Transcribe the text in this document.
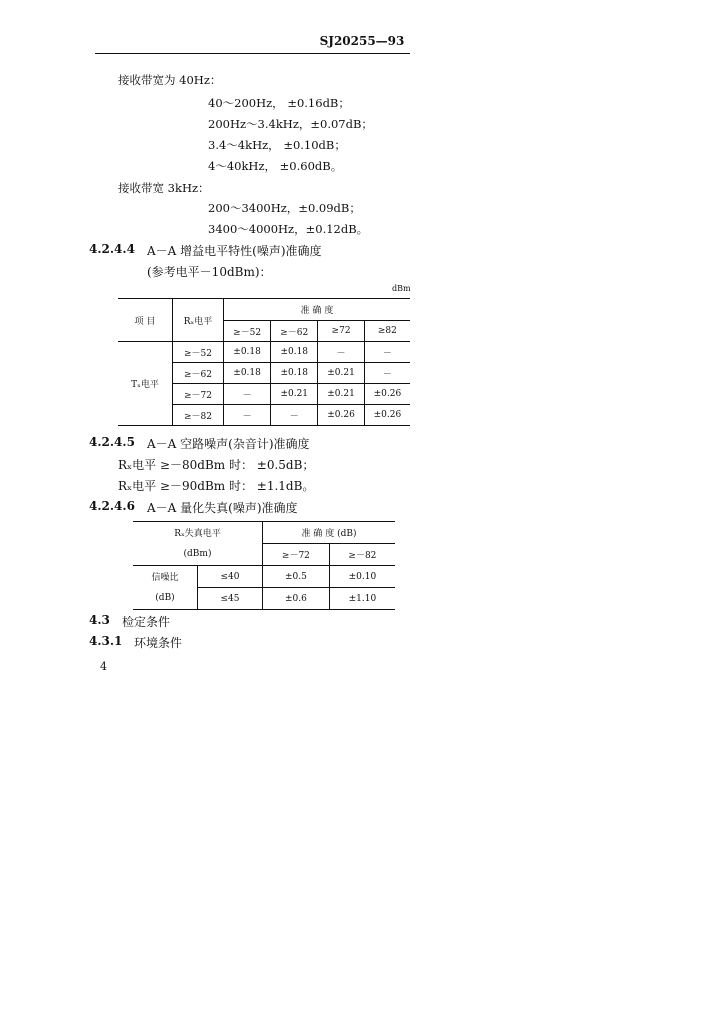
SJ20255—93
接收带宽为 40Hz：
40～200Hz， ±0.16dB；
200Hz～3.4kHz，±0.07dB；
3.4～4kHz， ±0.10dB；
4～40kHz， ±0.60dB。
接收带宽 3kHz：
200～3400Hz，±0.09dB；
3400～4000Hz，±0.12dB。
4.2.4.4 A－A 增益电平特性(噪声)准确度
(参考电平－10dBm)：
dBm
项 目	Rₓ电平	准 确 度			
		≥－52	≥－62	≥72	≥82
Tₓ电平	≥－52	±0.18	±0.18	－	－
	≥－62	±0.18	±0.18	±0.21	－
	≥－72	－	±0.21	±0.21	±0.26
	≥－82	－	－	±0.26	±0.26
4.2.4.5 A－A 空路噪声(杂音计)准确度
Rₓ电平 ≥－80dBm 时： ±0.5dB；
Rₓ电平 ≥－90dBm 时： ±1.1dB。
4.2.4.6 A－A 量化失真(噪声)准确度
Rₓ失真电平		准 确 度 (dB)	
(dBm)		≥－72	≥－82
信噪比	≤40	±0.5	±0.10
(dB)	≤45	±0.6	±1.10
4.3 检定条件
4.3.1 环境条件
4
